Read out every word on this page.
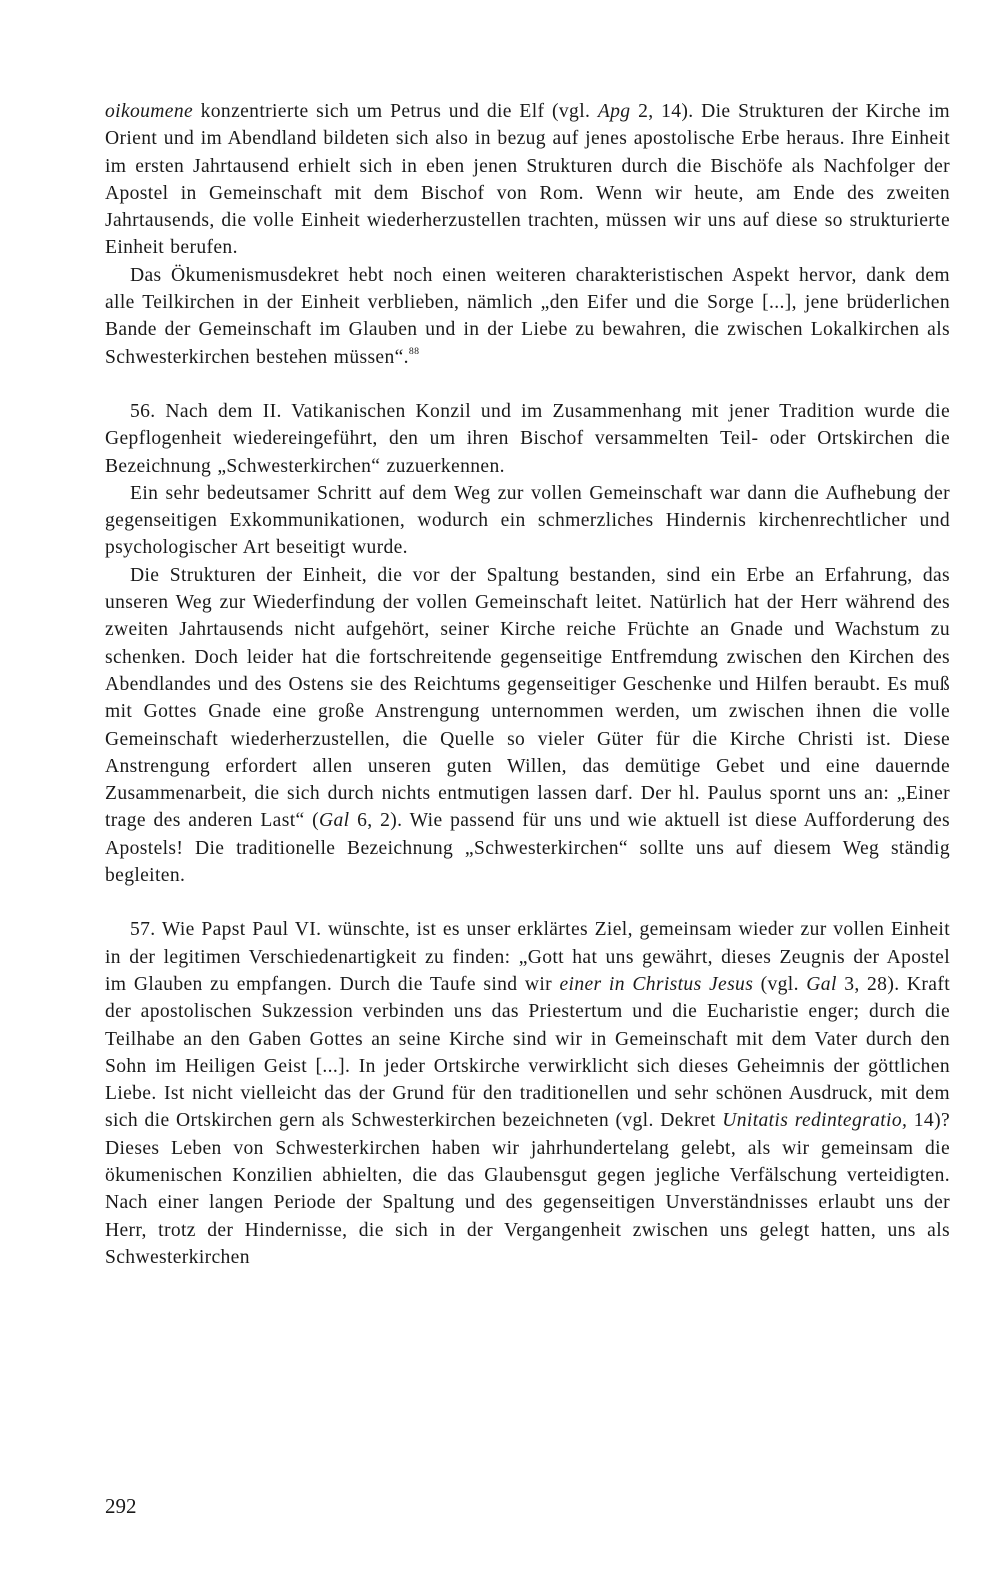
oikoumene konzentrierte sich um Petrus und die Elf (vgl. Apg 2, 14). Die Strukturen der Kirche im Orient und im Abendland bildeten sich also in bezug auf jenes apostolische Erbe heraus. Ihre Einheit im ersten Jahrtausend erhielt sich in eben jenen Strukturen durch die Bischöfe als Nachfolger der Apostel in Gemeinschaft mit dem Bischof von Rom. Wenn wir heute, am Ende des zweiten Jahrtausends, die volle Einheit wiederherzustellen trachten, müssen wir uns auf diese so strukturierte Einheit berufen.

Das Ökumenismusdekret hebt noch einen weiteren charakteristischen Aspekt hervor, dank dem alle Teilkirchen in der Einheit verblieben, nämlich „den Eifer und die Sorge [...], jene brüderlichen Bande der Gemeinschaft im Glauben und in der Liebe zu bewahren, die zwischen Lokalkirchen als Schwesterkirchen bestehen müssen“.$^{88}$

56. Nach dem II. Vatikanischen Konzil und im Zusammenhang mit jener Tradition wurde die Gepflogenheit wiedereingeführt, den um ihren Bischof versammelten Teil- oder Ortskirchen die Bezeichnung „Schwesterkirchen“ zuzuerkennen.

Ein sehr bedeutsamer Schritt auf dem Weg zur vollen Gemeinschaft war dann die Aufhebung der gegenseitigen Exkommunikationen, wodurch ein schmerzliches Hindernis kirchenrechtlicher und psychologischer Art beseitigt wurde.

Die Strukturen der Einheit, die vor der Spaltung bestanden, sind ein Erbe an Erfahrung, das unseren Weg zur Wiederfindung der vollen Gemeinschaft leitet. Natürlich hat der Herr während des zweiten Jahrtausends nicht aufgehört, seiner Kirche reiche Früchte an Gnade und Wachstum zu schenken. Doch leider hat die fortschreitende gegenseitige Entfremdung zwischen den Kirchen des Abendlandes und des Ostens sie des Reichtums gegenseitiger Geschenke und Hilfen beraubt. Es muß mit Gottes Gnade eine große Anstrengung unternommen werden, um zwischen ihnen die volle Gemeinschaft wiederherzustellen, die Quelle so vieler Güter für die Kirche Christi ist. Diese Anstrengung erfordert allen unseren guten Willen, das demütige Gebet und eine dauernde Zusammenarbeit, die sich durch nichts entmutigen lassen darf. Der hl. Paulus spornt uns an: „Einer trage des anderen Last“ (Gal 6, 2). Wie passend für uns und wie aktuell ist diese Aufforderung des Apostels! Die traditionelle Bezeichnung „Schwesterkirchen“ sollte uns auf diesem Weg ständig begleiten.

57. Wie Papst Paul VI. wünschte, ist es unser erklärtes Ziel, gemeinsam wieder zur vollen Einheit in der legitimen Verschiedenartigkeit zu finden: „Gott hat uns gewährt, dieses Zeugnis der Apostel im Glauben zu empfangen. Durch die Taufe sind wir einer in Christus Jesus (vgl. Gal 3, 28). Kraft der apostolischen Sukzession verbinden uns das Priestertum und die Eucharistie enger; durch die Teilhabe an den Gaben Gottes an seine Kirche sind wir in Gemeinschaft mit dem Vater durch den Sohn im Heiligen Geist [...]. In jeder Ortskirche verwirklicht sich dieses Geheimnis der göttlichen Liebe. Ist nicht vielleicht das der Grund für den traditionellen und sehr schönen Ausdruck, mit dem sich die Ortskirchen gern als Schwesterkirchen bezeichneten (vgl. Dekret Unitatis redintegratio, 14)? Dieses Leben von Schwesterkirchen haben wir jahrhundertelang gelebt, als wir gemeinsam die ökumenischen Konzilien abhielten, die das Glaubensgut gegen jegliche Verfälschung verteidigten. Nach einer langen Periode der Spaltung und des gegenseitigen Unverständnisses erlaubt uns der Herr, trotz der Hindernisse, die sich in der Vergangenheit zwischen uns gelegt hatten, uns als Schwesterkirchen

292
